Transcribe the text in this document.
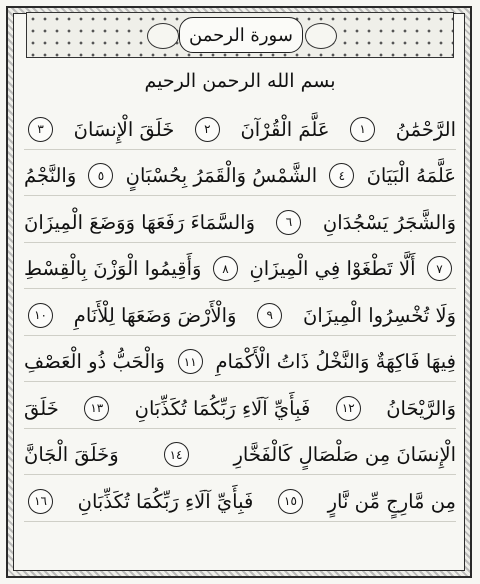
سورة الرحمن
بسم الله الرحمن الرحيم
الرَّحْمَٰنُ
١
عَلَّمَ الْقُرْآنَ
٢
خَلَقَ الْإِنسَانَ
٣
عَلَّمَهُ الْبَيَانَ
٤
الشَّمْسُ وَالْقَمَرُ بِحُسْبَانٍ
٥
وَالنَّجْمُ
وَالشَّجَرُ يَسْجُدَانِ
٦
وَالسَّمَاءَ رَفَعَهَا وَوَضَعَ الْمِيزَانَ
٧
أَلَّا تَطْغَوْا فِي الْمِيزَانِ
٨
وَأَقِيمُوا الْوَزْنَ بِالْقِسْطِ
وَلَا تُخْسِرُوا الْمِيزَانَ
٩
وَالْأَرْضَ وَضَعَهَا لِلْأَنَامِ
١٠
فِيهَا فَاكِهَةٌ وَالنَّخْلُ ذَاتُ الْأَكْمَامِ
١١
وَالْحَبُّ ذُو الْعَصْفِ
وَالرَّيْحَانُ
١٢
فَبِأَيِّ آلَاءِ رَبِّكُمَا تُكَذِّبَانِ
١٣
خَلَقَ
الْإِنسَانَ مِن صَلْصَالٍ كَالْفَخَّارِ
١٤
وَخَلَقَ الْجَانَّ
مِن مَّارِجٍ مِّن نَّارٍ
١٥
فَبِأَيِّ آلَاءِ رَبِّكُمَا تُكَذِّبَانِ
١٦
